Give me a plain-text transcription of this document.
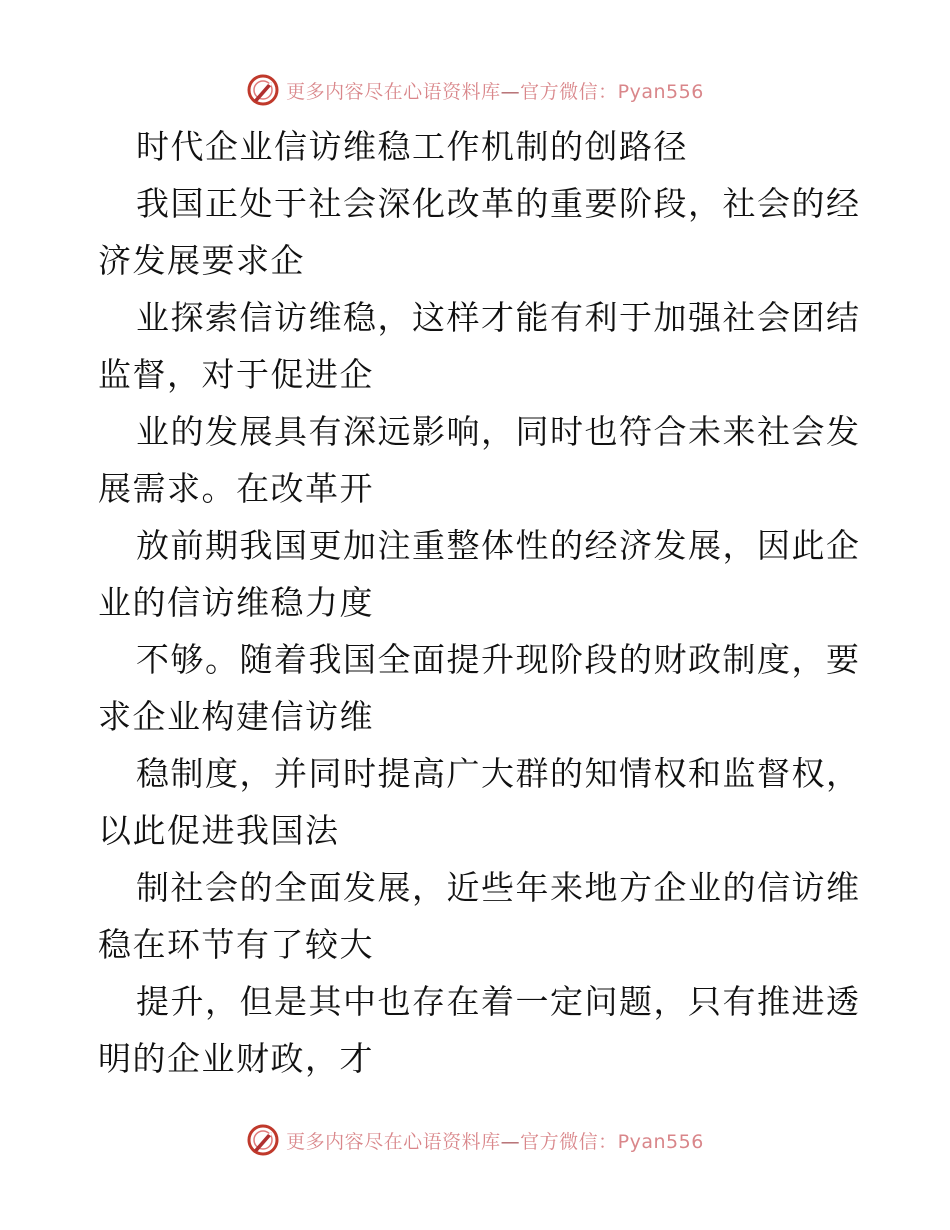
更多内容尽在心语资料库—官方微信：Pyan556
时代企业信访维稳工作机制的创路径
我国正处于社会深化改革的重要阶段，社会的经
济发展要求企
业探索信访维稳，这样才能有利于加强社会团结
监督，对于促进企
业的发展具有深远影响，同时也符合未来社会发
展需求。在改革开
放前期我国更加注重整体性的经济发展，因此企
业的信访维稳力度
不够。随着我国全面提升现阶段的财政制度，要
求企业构建信访维
稳制度，并同时提高广大群的知情权和监督权，
以此促进我国法
制社会的全面发展，近些年来地方企业的信访维
稳在环节有了较大
提升，但是其中也存在着一定问题，只有推进透
明的企业财政，才
更多内容尽在心语资料库—官方微信：Pyan556
